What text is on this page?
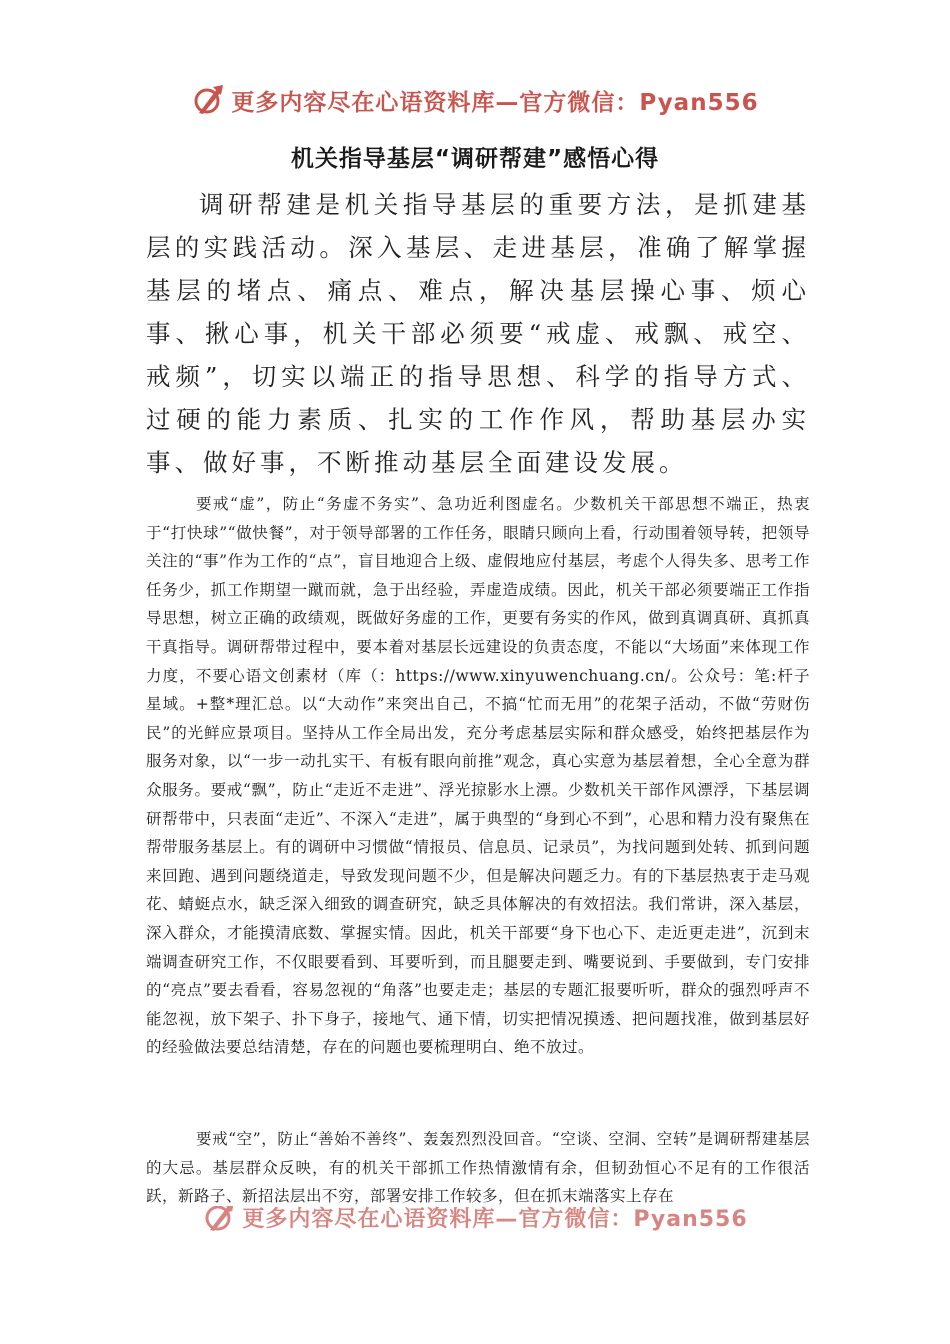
更多内容尽在心语资料库—官方微信：Pyan556
机关指导基层“调研帮建”感悟心得

调研帮建是机关指导基层的重要方法，是抓建基层的实践活动。深入基层、走进基层，准确了解掌握基层的堵点、痛点、难点，解决基层操心事、烦心事、揪心事，机关干部必须要“戒虚、戒飘、戒空、戒频”，切实以端正的指导思想、科学的指导方式、过硬的能力素质、扎实的工作作风，帮助基层办实事、做好事，不断推动基层全面建设发展。

要戒“虚”，防止“务虚不务实”、急功近利图虚名。少数机关干部思想不端正，热衷于“打快球”“做快餐”，对于领导部署的工作任务，眼睛只顾向上看，行动围着领导转，把领导关注的“事”作为工作的“点”，盲目地迎合上级、虚假地应付基层，考虑个人得失多、思考工作任务少，抓工作期望一蹴而就，急于出经验，弄虚造成绩。因此，机关干部必须要端正工作指导思想，树立正确的政绩观，既做好务虚的工作，更要有务实的作风，做到真调真研、真抓真干真指导。调研帮带过程中，要本着对基层长远建设的负责态度，不能以“大场面”来体现工作力度，不要心语文创素材（库（：https://www.xinyuwenchuang.cn/。公众号：笔:杆子星域。+整*理汇总。以“大动作”来突出自己，不搞“忙而无用”的花架子活动，不做“劳财伤民”的光鲜应景项目。坚持从工作全局出发，充分考虑基层实际和群众感受，始终把基层作为服务对象，以“一步一动扎实干、有板有眼向前推”观念，真心实意为基层着想，全心全意为群众服务。要戒“飘”，防止“走近不走进”、浮光掠影水上漂。少数机关干部作风漂浮，下基层调研帮带中，只表面“走近”、不深入“走进”，属于典型的“身到心不到”，心思和精力没有聚焦在帮带服务基层上。有的调研中习惯做“情报员、信息员、记录员”，为找问题到处转、抓到问题来回跑、遇到问题绕道走，导致发现问题不少，但是解决问题乏力。有的下基层热衷于走马观花、蜻蜓点水，缺乏深入细致的调查研究，缺乏具体解决的有效招法。我们常讲，深入基层，深入群众，才能摸清底数、掌握实情。因此，机关干部要“身下也心下、走近更走进”，沉到末端调查研究工作，不仅眼要看到、耳要听到，而且腿要走到、嘴要说到、手要做到，专门安排的“亮点”要去看看，容易忽视的“角落”也要走走；基层的专题汇报要听听，群众的强烈呼声不能忽视，放下架子、扑下身子，接地气、通下情，切实把情况摸透、把问题找准，做到基层好的经验做法要总结清楚，存在的问题也要梳理明白、绝不放过。

要戒“空”，防止“善始不善终”、轰轰烈烈没回音。“空谈、空洞、空转”是调研帮建基层的大忌。基层群众反映，有的机关干部抓工作热情激情有余，但韧劲恒心不足有的工作很活跃，新路子、新招法层出不穷，部署安排工作较多，但在抓末端落实上存在

更多内容尽在心语资料库—官方微信：Pyan556
